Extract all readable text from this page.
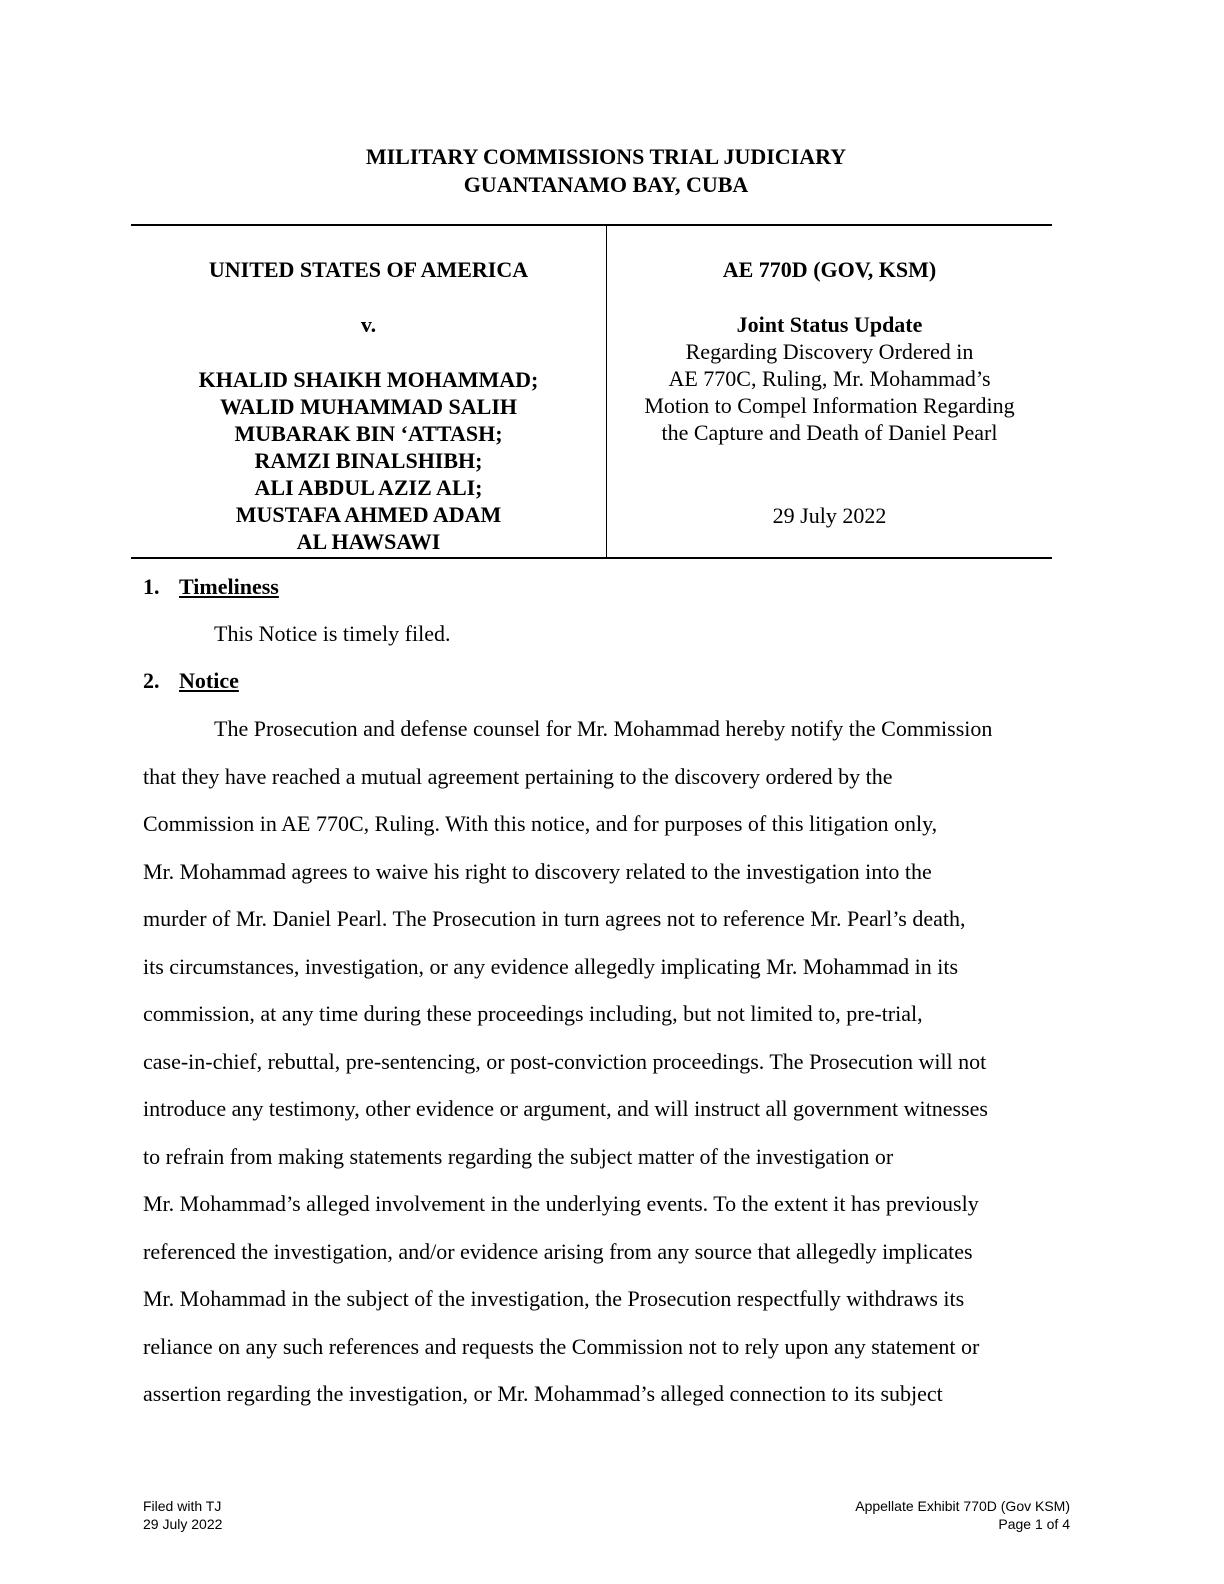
MILITARY COMMISSIONS TRIAL JUDICIARY
GUANTANAMO BAY, CUBA
UNITED STATES OF AMERICA
v.
KHALID SHAIKH MOHAMMAD;
WALID MUHAMMAD SALIH
MUBARAK BIN ‘ATTASH;
RAMZI BINALSHIBH;
ALI ABDUL AZIZ ALI;
MUSTAFA AHMED ADAM
AL HAWSAWI
AE 770D (GOV, KSM)
Joint Status Update
Regarding Discovery Ordered in
AE 770C, Ruling, Mr. Mohammad’s
Motion to Compel Information Regarding
the Capture and Death of Daniel Pearl
29 July 2022
1. Timeliness
This Notice is timely filed.
2. Notice
The Prosecution and defense counsel for Mr. Mohammad hereby notify the Commission
that they have reached a mutual agreement pertaining to the discovery ordered by the
Commission in AE 770C, Ruling. With this notice, and for purposes of this litigation only,
Mr. Mohammad agrees to waive his right to discovery related to the investigation into the
murder of Mr. Daniel Pearl. The Prosecution in turn agrees not to reference Mr. Pearl’s death,
its circumstances, investigation, or any evidence allegedly implicating Mr. Mohammad in its
commission, at any time during these proceedings including, but not limited to, pre-trial,
case-in-chief, rebuttal, pre-sentencing, or post-conviction proceedings. The Prosecution will not
introduce any testimony, other evidence or argument, and will instruct all government witnesses
to refrain from making statements regarding the subject matter of the investigation or
Mr. Mohammad’s alleged involvement in the underlying events. To the extent it has previously
referenced the investigation, and/or evidence arising from any source that allegedly implicates
Mr. Mohammad in the subject of the investigation, the Prosecution respectfully withdraws its
reliance on any such references and requests the Commission not to rely upon any statement or
assertion regarding the investigation, or Mr. Mohammad’s alleged connection to its subject
Filed with TJ
29 July 2022
Appellate Exhibit 770D (Gov KSM)
Page 1 of 4
